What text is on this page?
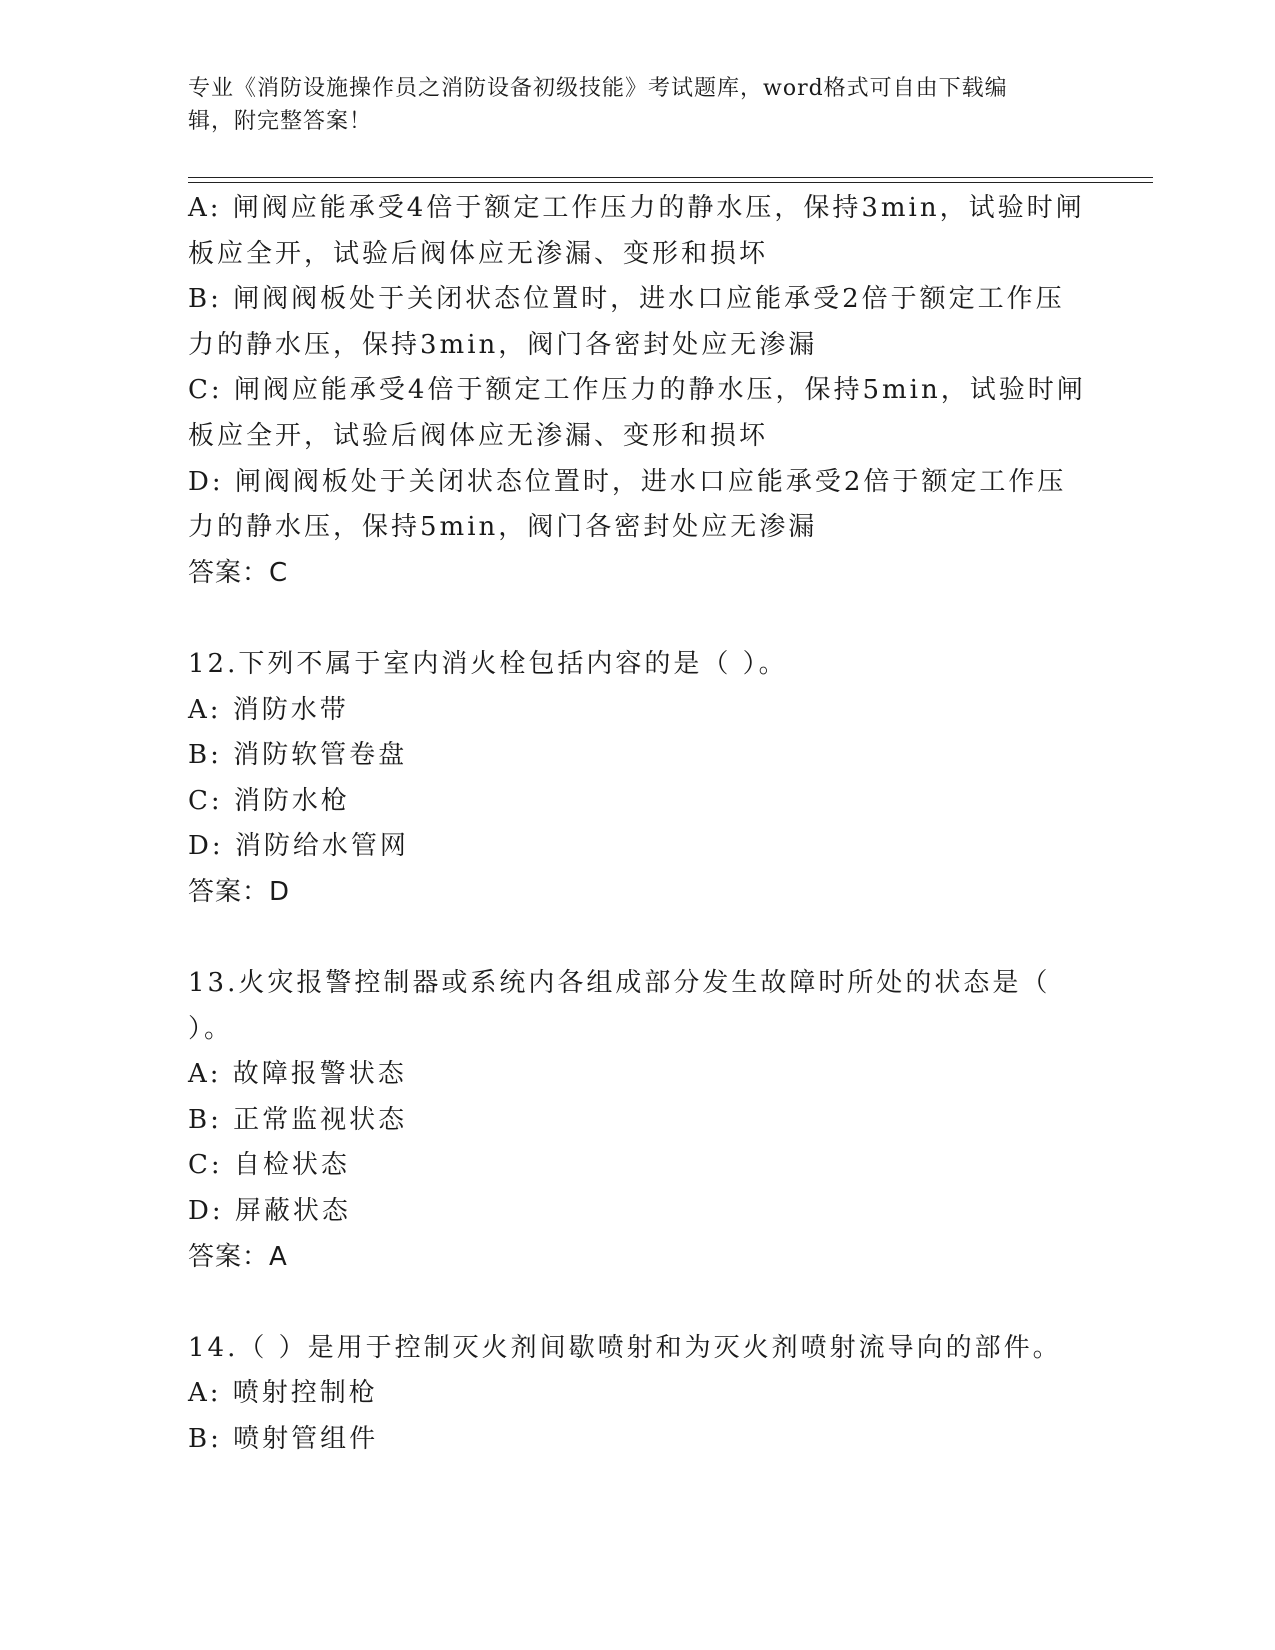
专业《消防设施操作员之消防设备初级技能》考试题库，word格式可自由下载编
辑，附完整答案！
A: 闸阀应能承受4倍于额定工作压力的静水压，保持3min，试验时闸
板应全开，试验后阀体应无渗漏、变形和损坏
B: 闸阀阀板处于关闭状态位置时，进水口应能承受2倍于额定工作压
力的静水压，保持3min，阀门各密封处应无渗漏
C: 闸阀应能承受4倍于额定工作压力的静水压，保持5min，试验时闸
板应全开，试验后阀体应无渗漏、变形和损坏
D: 闸阀阀板处于关闭状态位置时，进水口应能承受2倍于额定工作压
力的静水压，保持5min，阀门各密封处应无渗漏
答案：C
12.下列不属于室内消火栓包括内容的是（ ）。
A: 消防水带
B: 消防软管卷盘
C: 消防水枪
D: 消防给水管网
答案：D
13.火灾报警控制器或系统内各组成部分发生故障时所处的状态是（
）。
A: 故障报警状态
B: 正常监视状态
C: 自检状态
D: 屏蔽状态
答案：A
14.（ ）是用于控制灭火剂间歇喷射和为灭火剂喷射流导向的部件。
A: 喷射控制枪
B: 喷射管组件
